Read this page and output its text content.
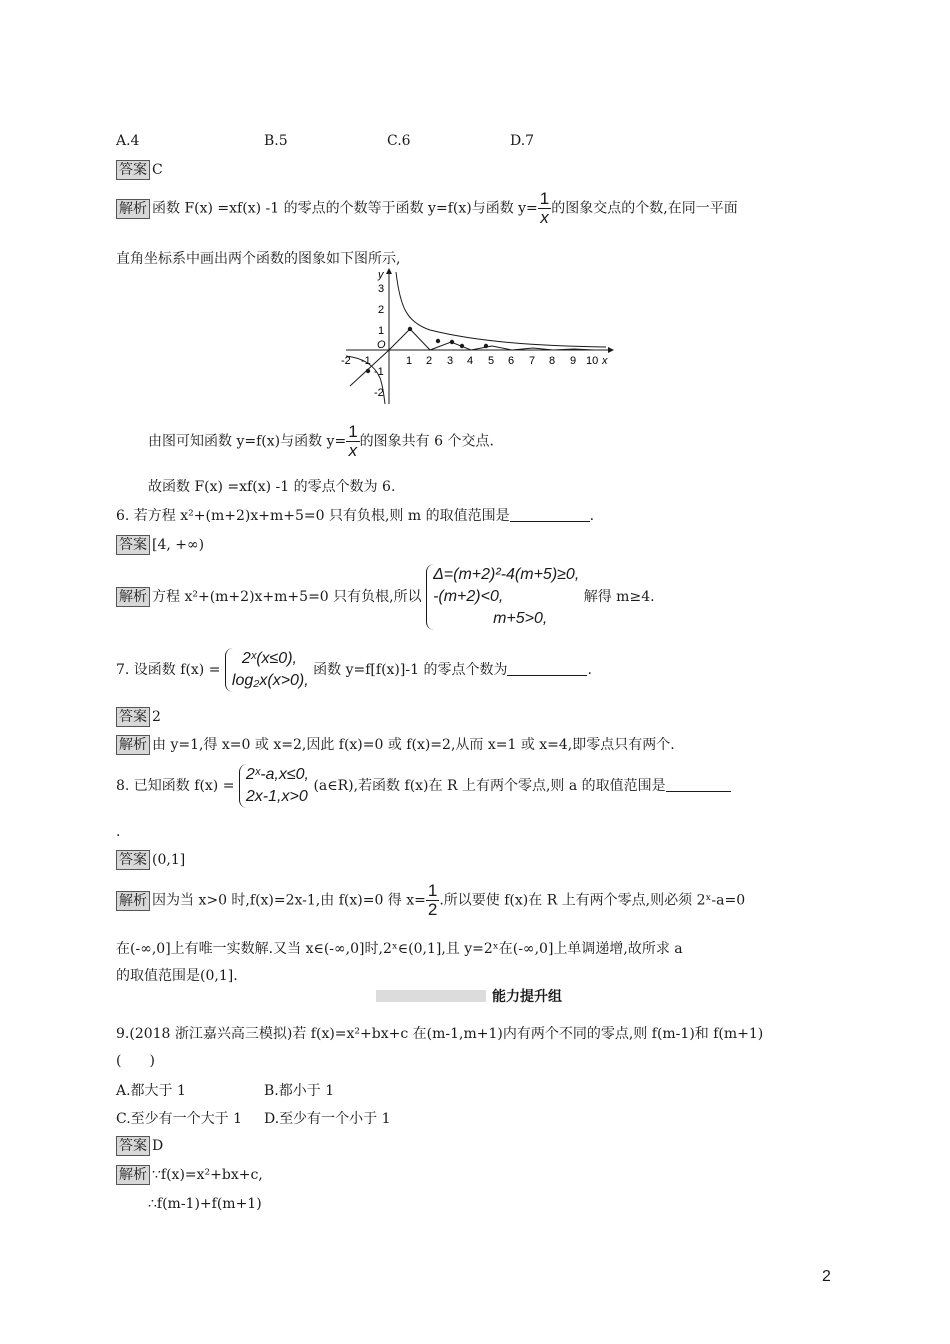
A.4	B.5	C.6	D.7
答案 C
解析 函数 F(x) =xf(x) -1 的零点的个数等于函数 y=f(x)与函数 $y= \frac{1}{x}$ 的图象交点的个数,在同一平面
直角坐标系中画出两个函数的图象如下图所示,
x
y
O
-2 -1	1 2 3 4 5 6 7 8 9 10
3
2
1
-1
-2
由图可知函数 y=f(x)与函数 $y= \frac{1}{x}$ 的图象共有 6 个交点.
故函数 F(x) =xf(x) -1 的零点个数为 6.
6. 若方程 x²+(m+2)x+m+5=0 只有负根,则 m 的取值范围是	.
答案 [4, +∞)
解析 方程 x²+(m+2)x+m+5=0 只有负根,所以
Δ=(m+2)²-4(m+5)≥0,
-(m+2)<0,
m+5>0,
解得 m≥4.
7. 设函数 f(x) =
2ˣ(x≤0),
log₂x(x>0),
函数 y=f[f(x)]-1 的零点个数为	.
答案 2
解析 由 y=1,得 x=0 或 x=2,因此 f(x)=0 或 f(x)=2,从而 x=1 或 x=4,即零点只有两个.
8. 已知函数 f(x) =
2ˣ-a,x≤0,
2x-1,x>0
(a∈R),若函数 f(x)在 R 上有两个零点,则 a 的取值范围是
.
答案 (0,1]
解析 因为当 x>0 时,f(x)=2x-1,由 f(x)=0 得 $x= \frac{1}{2}$ .所以要使 f(x)在 R 上有两个零点,则必须 2ˣ-a=0
在(-∞,0]上有唯一实数解.又当 x∈(-∞,0]时,2ˣ∈(0,1],且 y=2ˣ在(-∞,0]上单调递增,故所求 a
的取值范围是(0,1].
能力提升组
9.(2018 浙江嘉兴高三模拟)若 f(x)=x²+bx+c 在(m-1,m+1)内有两个不同的零点,则 f(m-1)和 f(m+1)
(　　)
A.都大于 1	B.都小于 1
C.至少有一个大于 1 D.至少有一个小于 1
答案 D
解析 ∵f(x)=x²+bx+c,
∴f(m-1)+f(m+1)
2
